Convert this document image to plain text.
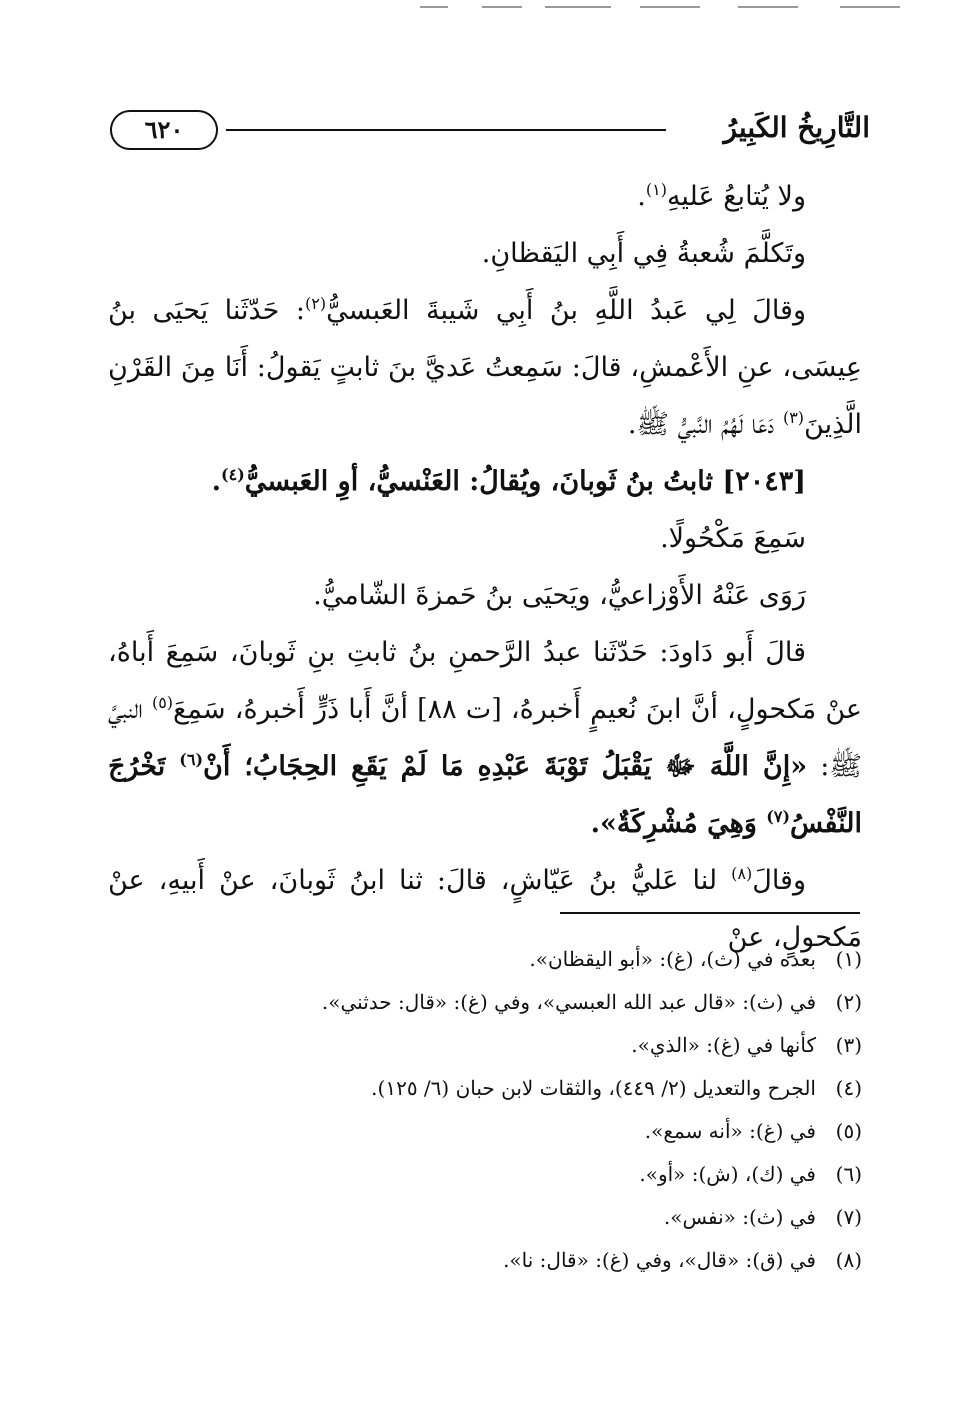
٦٢٠	التَّارِيخُ الكَبِيرُ

ولا يُتابعُ عَليهِ$^{(١)}$.

وتَكلَّمَ شُعبةُ فِي أَبِي اليَقظانِ.

وقالَ لِي عَبدُ اللَّهِ بنُ أَبِي شَيبةَ العَبسيُّ$^{(٢)}$: حَدّثَنا يَحيَى بنُ عِيسَى، عنِ الأَعْمشِ، قالَ: سَمِعتُ عَديَّ بنَ ثابتٍ يَقولُ: أَنَا مِنَ القَرْنِ الَّذِينَ$^{(٣)}$ دَعَا لَهُمُ النَّبيُّ ﷺ.

[٢٠٤٣] ثابتُ بنُ ثَوبانَ، ويُقالُ: العَنْسيُّ، أوِ العَبسيُّ$^{(٤)}$.

سَمِعَ مَكْحُولًا.

رَوَى عَنْهُ الأَوْزاعيُّ، ويَحيَى بنُ حَمزةَ الشّاميُّ.

قالَ أَبو دَاودَ: حَدّثَنا عبدُ الرَّحمنِ بنُ ثابتِ بنِ ثَوبانَ، سَمِعَ أَباهُ، عنْ مَكحولٍ، أنَّ ابنَ نُعيمٍ أَخبرهُ، [ت ٨٨] أنَّ أَبا ذَرٍّ أَخبرهُ، سَمِعَ$^{(٥)}$ النبيَّ ﷺ: «إِنَّ اللَّهَ ﷻ يَقْبَلُ تَوْبَةَ عَبْدِهِ مَا لَمْ يَقَعِ الحِجَابُ؛ أَنْ$^{(٦)}$ تَخْرُجَ النَّفْسُ$^{(٧)}$ وَهِيَ مُشْرِكَةٌ».

وقالَ$^{(٨)}$ لنا عَليُّ بنُ عَيّاشٍ، قالَ: ثنا ابنُ ثَوبانَ، عنْ أَبيهِ، عنْ مَكحولٍ، عنْ

(١)
بعده في (ث)، (غ): «أبو اليقظان».
(٢)
في (ث): «قال عبد الله العبسي»، وفي (غ): «قال: حدثني».
(٣)
كأنها في (غ): «الذي».
(٤)
الجرح والتعديل (٢/ ٤٤٩)، والثقات لابن حبان (٦/ ١٢٥).
(٥)
في (غ): «أنه سمع».
(٦)
في (ك)، (ش): «أو».
(٧)
في (ث): «نفس».
(٨)
في (ق): «قال»، وفي (غ): «قال: نا».
